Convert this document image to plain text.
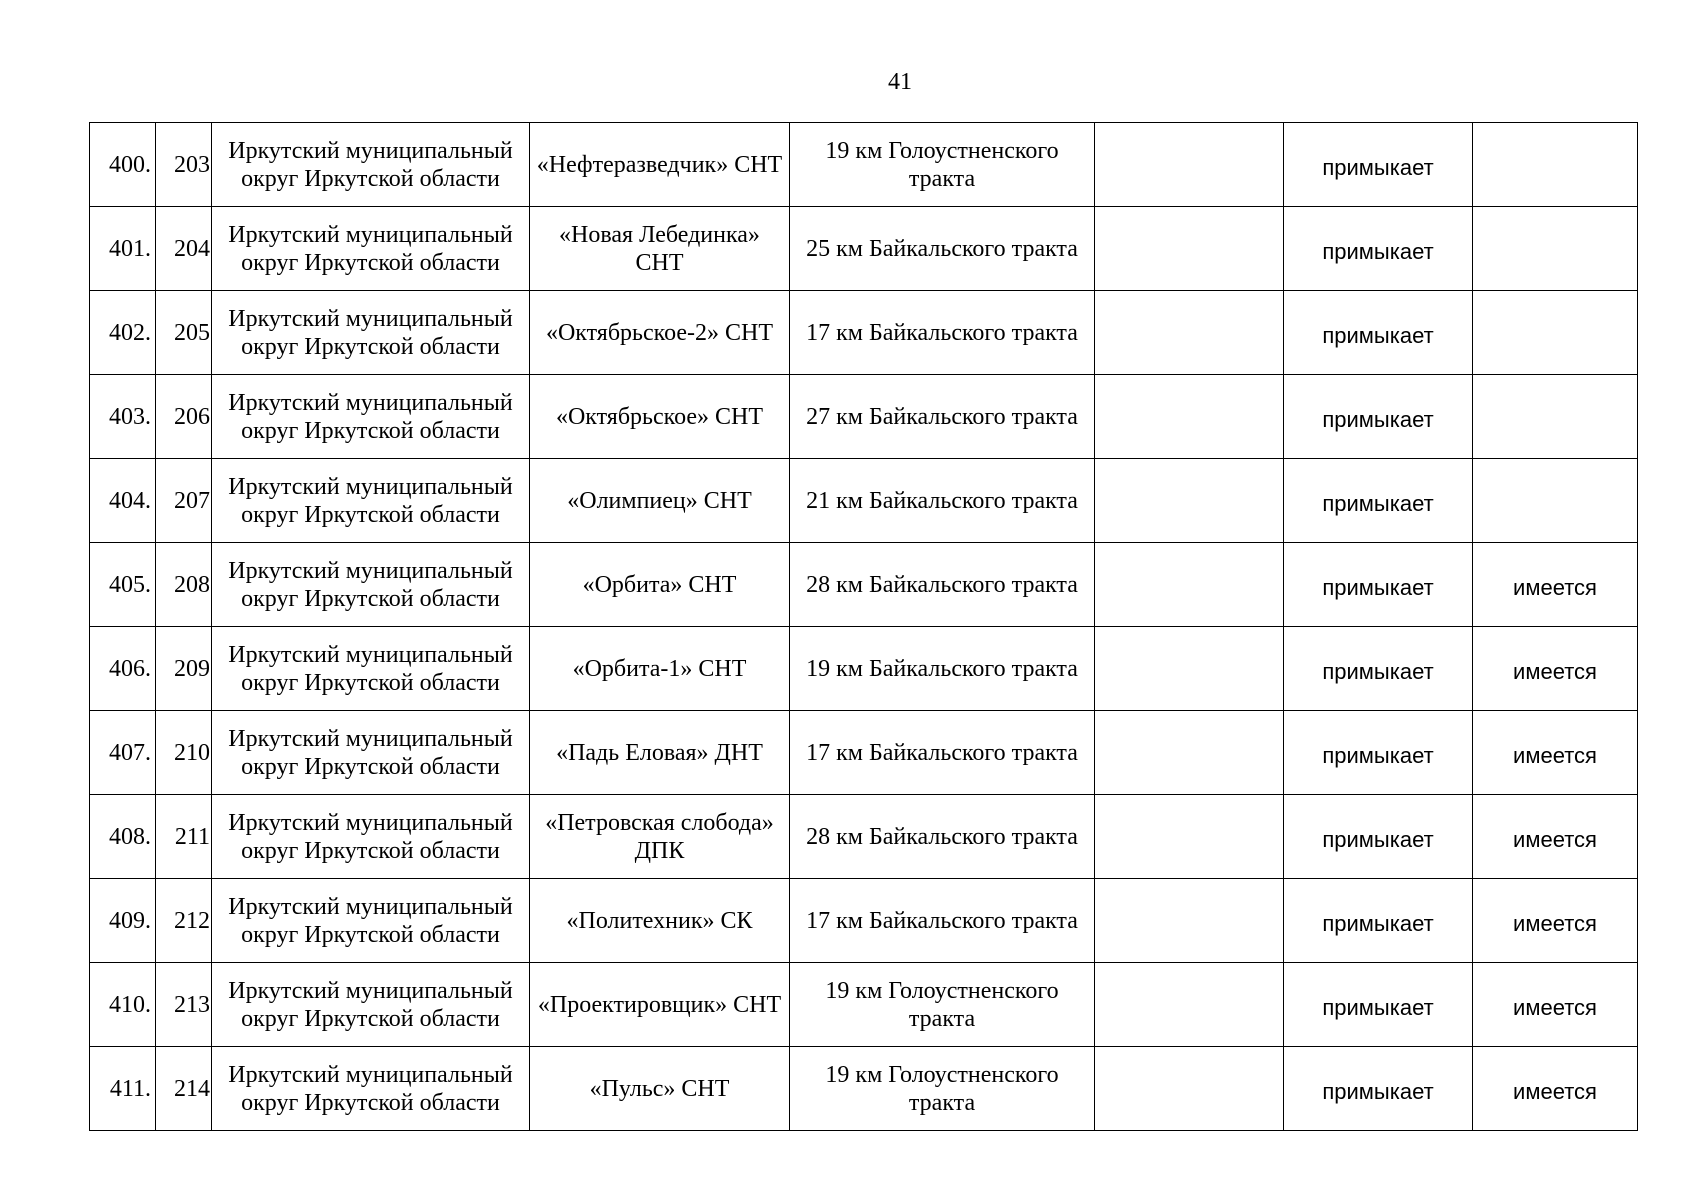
41
400.	203	Иркутский муниципальный округ Иркутской области	«Нефтеразведчик» СНТ	19 км Голоустненского тракта		примыкает	
401.	204	Иркутский муниципальный округ Иркутской области	«Новая Лебединка» СНТ	25 км Байкальского тракта		примыкает	
402.	205	Иркутский муниципальный округ Иркутской области	«Октябрьское-2» СНТ	17 км Байкальского тракта		примыкает	
403.	206	Иркутский муниципальный округ Иркутской области	«Октябрьское» СНТ	27 км Байкальского тракта		примыкает	
404.	207	Иркутский муниципальный округ Иркутской области	«Олимпиец» СНТ	21 км Байкальского тракта		примыкает	
405.	208	Иркутский муниципальный округ Иркутской области	«Орбита» СНТ	28 км Байкальского тракта		примыкает	имеется
406.	209	Иркутский муниципальный округ Иркутской области	«Орбита-1» СНТ	19 км Байкальского тракта		примыкает	имеется
407.	210	Иркутский муниципальный округ Иркутской области	«Падь Еловая» ДНТ	17 км Байкальского тракта		примыкает	имеется
408.	211	Иркутский муниципальный округ Иркутской области	«Петровская слобода» ДПК	28 км Байкальского тракта		примыкает	имеется
409.	212	Иркутский муниципальный округ Иркутской области	«Политехник» СК	17 км Байкальского тракта		примыкает	имеется
410.	213	Иркутский муниципальный округ Иркутской области	«Проектировщик» СНТ	19 км Голоустненского тракта		примыкает	имеется
411.	214	Иркутский муниципальный округ Иркутской области	«Пульс» СНТ	19 км Голоустненского тракта		примыкает	имеется
